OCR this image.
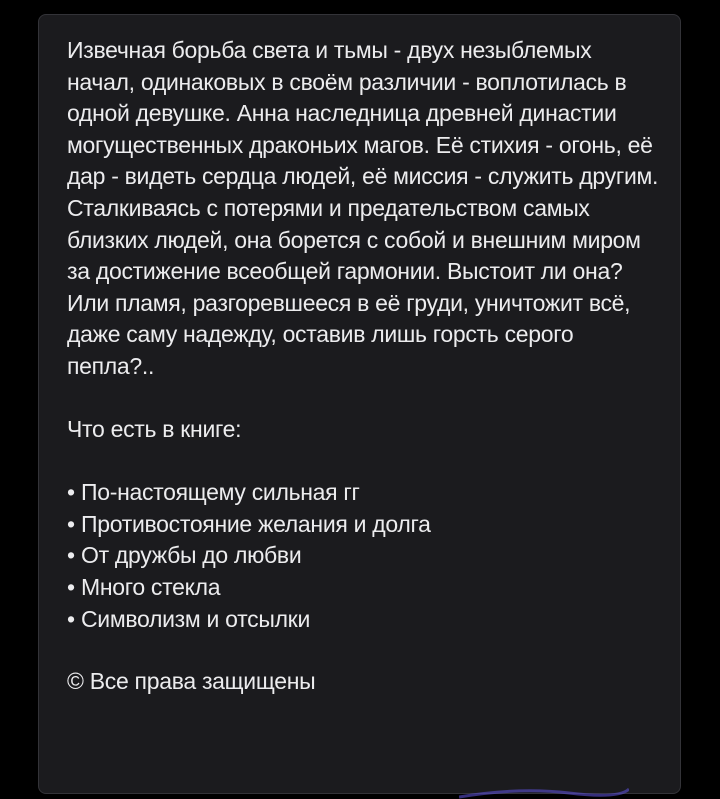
Извечная борьба света и тьмы - двух незыблемых начал, одинаковых в своём различии - воплотилась в одной девушке. Анна наследница древней династии могущественных драконьих магов. Её стихия - огонь, её дар - видеть сердца людей, её миссия - служить другим. Сталкиваясь с потерями и предательством самых близких людей, она борется с собой и внешним миром за достижение всеобщей гармонии. Выстоит ли она? Или пламя, разгоревшееся в её груди, уничтожит всё, даже саму надежду, оставив лишь горсть серого пепла?..

Что есть в книге:

• По-настоящему сильная гг
• Противостояние желания и долга
• От дружбы до любви
• Много стекла
• Символизм и отсылки

© Все права защищены
